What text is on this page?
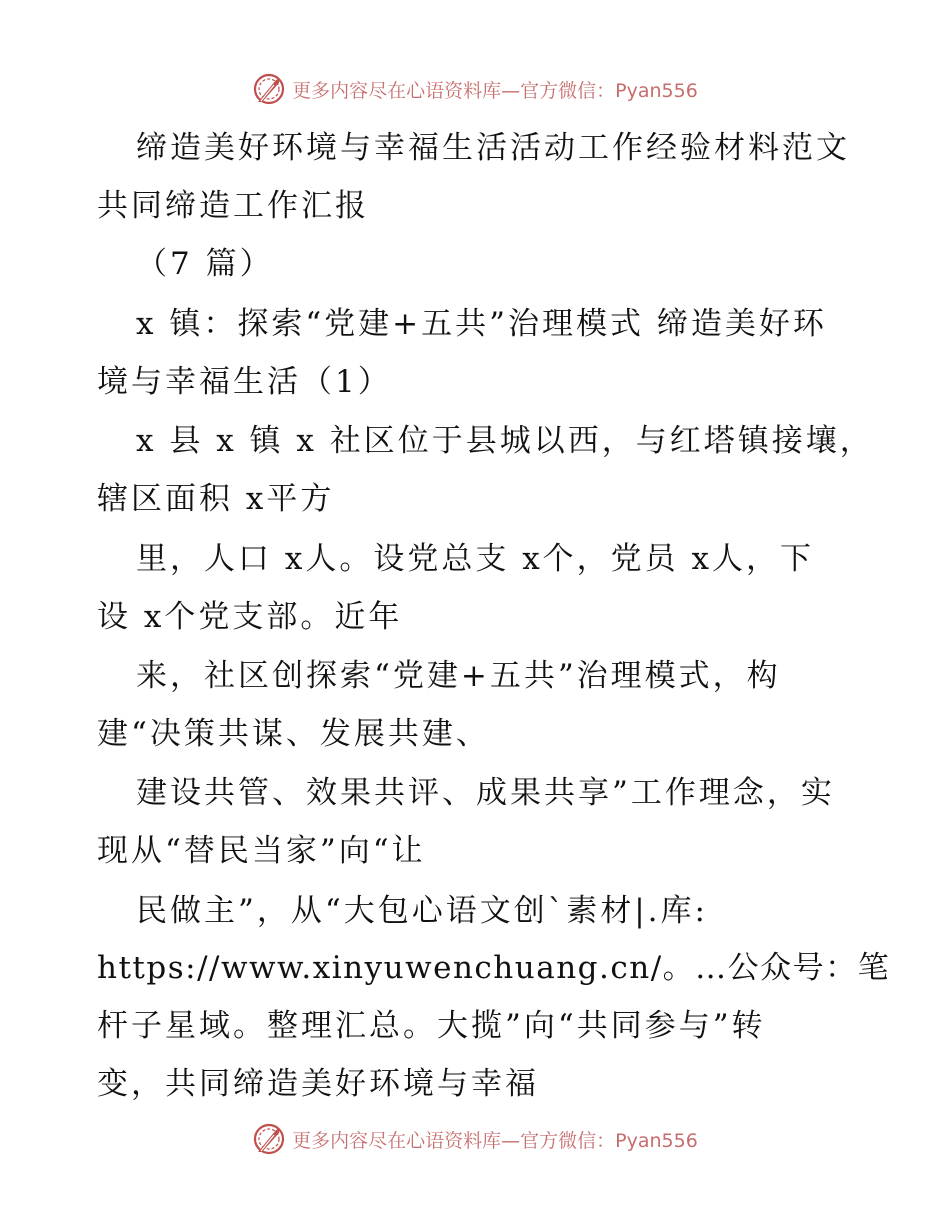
更多内容尽在心语资料库—官方微信：Pyan556
缔造美好环境与幸福生活活动工作经验材料范文
共同缔造工作汇报
（7 篇）
x 镇：探索“党建+五共”治理模式 缔造美好环
境与幸福生活（1）
x 县 x 镇 x 社区位于县城以西，与红塔镇接壤，
辖区面积 x平方
里，人口 x人。设党总支 x个，党员 x人，下
设 x个党支部。近年
来，社区创探索“党建+五共”治理模式，构
建“决策共谋、发展共建、
建设共管、效果共评、成果共享”工作理念，实
现从“替民当家”向“让
民做主”，从“大包心语文创`素材|.库:
https://www.xinyuwenchuang.cn/。…公众号：笔
杆子星域。整理汇总。大揽”向“共同参与”转
变，共同缔造美好环境与幸福
更多内容尽在心语资料库—官方微信：Pyan556
